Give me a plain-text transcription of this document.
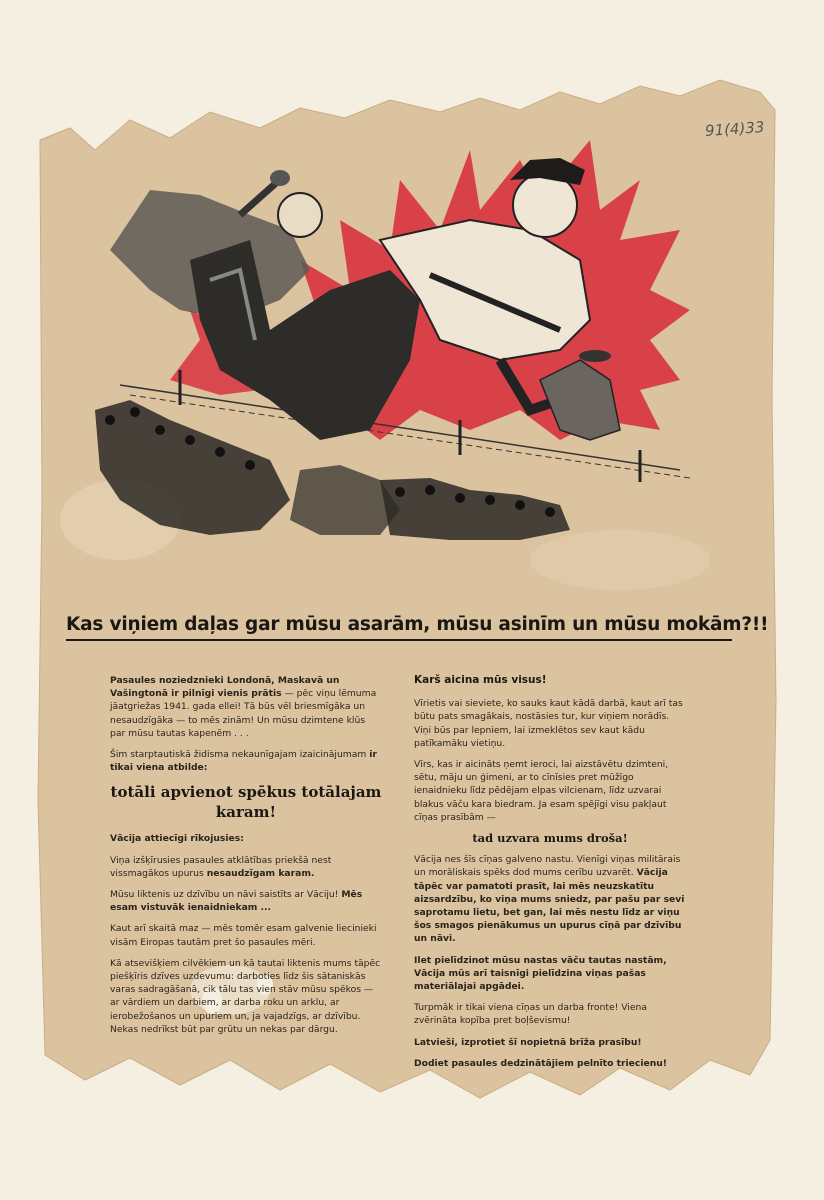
91(4)33
Kas viņiem daļas gar mūsu asarām, mūsu asinīm un mūsu mokām?!!

Pasaules noziedznieki Londonā, Maskavā un Vašingtonā ir pilnīgi vienis prātis — pēc viņu lēmuma jāatgriežas 1941. gada ellei! Tā būs vēl briesmīgāka un nesaudzīgāka — to mēs zinām! Un mūsu dzimtene klūs par mūsu tautas kapenēm . . .

Šim starptautiskā židisma nekaunīgajam izaicinājumam ir tikai viena atbilde:

totāli apvienot spēkus totālajam karam!

Vācija attiecīgi rīkojusies:

Viņa izšķīrusies pasaules atklātības priekšā nest vissmagākos upurus nesaudzīgam karam.

Mūsu liktenis uz dzīvību un nāvi saistīts ar Vāciju! Mēs esam vistuvāk ienaidniekam ...

Kaut arī skaitā maz — mēs tomēr esam galvenie liecinieki visām Eiropas tautām pret šo pasaules mēri.

Kā atsevišķiem cilvēkiem un kā tautai liktenis mums tāpēc piešķīris dzīves uzdevumu: darboties līdz šis sātaniskās varas sadragāšanā, cik tālu tas vien stāv mūsu spēkos — ar vārdiem un darbiem, ar darba roku un arklu, ar ierobežošanos un upuriem un, ja vajadzīgs, ar dzīvību. Nekas nedrīkst būt par grūtu un nekas par dārgu.

Karš aicina mūs visus!

Vīrietis vai sieviete, ko sauks kaut kādā darbā, kaut arī tas būtu pats smagākais, nostāsies tur, kur viņiem norādīs. Viņi būs par lepniem, lai izmeklētos sev kaut kādu patīkamāku vietiņu.

Vīrs, kas ir aicināts ņemt ieroci, lai aizstāvētu dzimteni, sētu, māju un ģimeni, ar to cīnīsies pret mūžīgo ienaidnieku līdz pēdējam elpas vilcienam, līdz uzvarai blakus vāču kara biedram. Ja esam spējīgi visu pakļaut cīņas prasībām —

tad uzvara mums droša!

Vācija nes šīs cīņas galveno nastu. Vienīgi viņas militārais un morāliskais spēks dod mums cerību uzvarēt. Vācija tāpēc var pamatoti prasīt, lai mēs neuzskatītu aizsardzību, ko viņa mums sniedz, par pašu par sevi saprotamu lietu, bet gan, lai mēs nestu līdz ar viņu šos smagos pienākumus un upurus cīņā par dzīvību un nāvi.

Ilet pielīdzinot mūsu nastas vāču tautas nastām, Vācija mūs arī taisnīgi pielīdzina viņas pašas materiālajai apgādei.

Turpmāk ir tikai viena cīņas un darba fronte! Viena zvērināta kopība pret boļševismu!

Latvieši, izprotiet šī nopietnā brīža prasību!

Dodiet pasaules dedzinātājiem pelnīto triecienu!
